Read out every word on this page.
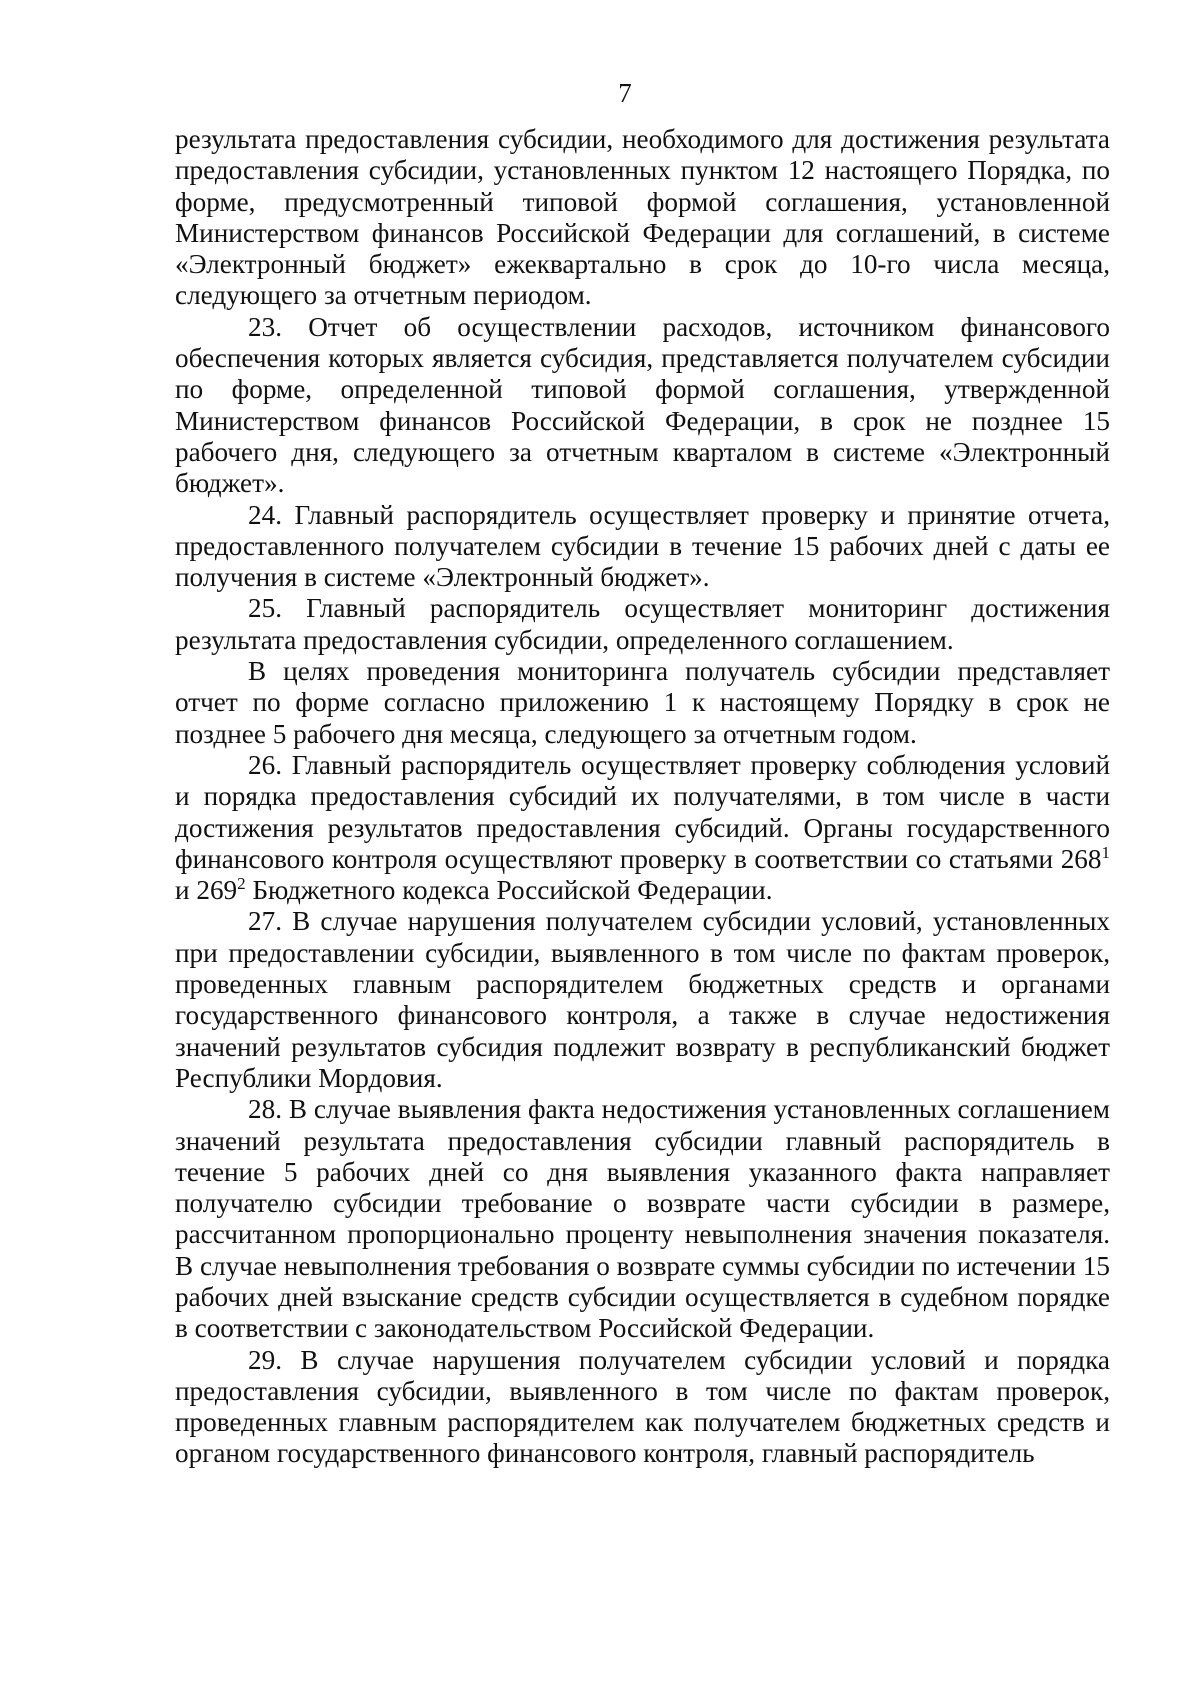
7

результата предоставления субсидии, необходимого для достижения результата предоставления субсидии, установленных пунктом 12 настоящего Порядка, по форме, предусмотренный типовой формой соглашения, установленной Министерством финансов Российской Федерации для соглашений, в системе «Электронный бюджет» ежеквартально в срок до 10-го числа месяца, следующего за отчетным периодом.

23. Отчет об осуществлении расходов, источником финансового обеспечения которых является субсидия, представляется получателем субсидии по форме, определенной типовой формой соглашения, утвержденной Министерством финансов Российской Федерации, в срок не позднее 15 рабочего дня, следующего за отчетным кварталом в системе «Электронный бюджет».

24. Главный распорядитель осуществляет проверку и принятие отчета, предоставленного получателем субсидии в течение 15 рабочих дней с даты ее получения в системе «Электронный бюджет».

25. Главный распорядитель осуществляет мониторинг достижения результата предоставления субсидии, определенного соглашением.

В целях проведения мониторинга получатель субсидии представляет отчет по форме согласно приложению 1 к настоящему Порядку в срок не позднее 5 рабочего дня месяца, следующего за отчетным годом.

26. Главный распорядитель осуществляет проверку соблюдения условий и порядка предоставления субсидий их получателями, в том числе в части достижения результатов предоставления субсидий. Органы государственного финансового контроля осуществляют проверку в соответствии со статьями $268^1$ и $269^2$ Бюджетного кодекса Российской Федерации.

27. В случае нарушения получателем субсидии условий, установленных при предоставлении субсидии, выявленного в том числе по фактам проверок, проведенных главным распорядителем бюджетных средств и органами государственного финансового контроля, а также в случае недостижения значений результатов субсидия подлежит возврату в республиканский бюджет Республики Мордовия.

28. В случае выявления факта недостижения установленных соглашением значений результата предоставления субсидии главный распорядитель в течение 5 рабочих дней со дня выявления указанного факта направляет получателю субсидии требование о возврате части субсидии в размере, рассчитанном пропорционально проценту невыполнения значения показателя. В случае невыполнения требования о возврате суммы субсидии по истечении 15 рабочих дней взыскание средств субсидии осуществляется в судебном порядке в соответствии с законодательством Российской Федерации.

29. В случае нарушения получателем субсидии условий и порядка предоставления субсидии, выявленного в том числе по фактам проверок, проведенных главным распорядителем как получателем бюджетных средств и органом государственного финансового контроля, главный распорядитель
